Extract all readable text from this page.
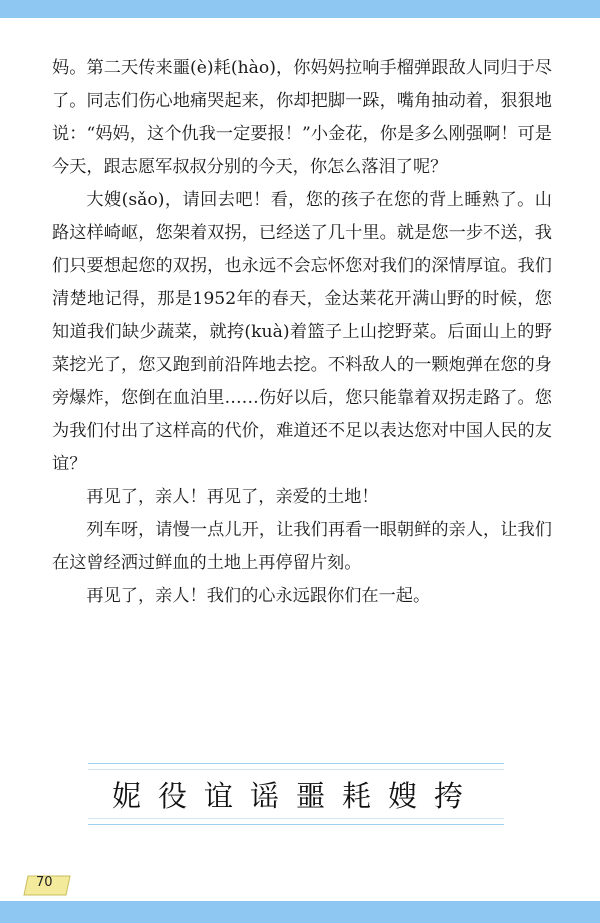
妈。第二天传来噩(è)耗(hào)，你妈妈拉响手榴弹跟敌人同归于尽了。同志们伤心地痛哭起来，你却把脚一跺，嘴角抽动着，狠狠地说：“妈妈，这个仇我一定要报！”小金花，你是多么刚强啊！可是今天，跟志愿军叔叔分别的今天，你怎么落泪了呢？

大嫂(sǎo)，请回去吧！看，您的孩子在您的背上睡熟了。山路这样崎岖，您架着双拐，已经送了几十里。就是您一步不送，我们只要想起您的双拐，也永远不会忘怀您对我们的深情厚谊。我们清楚地记得，那是1952年的春天，金达莱花开满山野的时候，您知道我们缺少蔬菜，就挎(kuà)着篮子上山挖野菜。后面山上的野菜挖光了，您又跑到前沿阵地去挖。不料敌人的一颗炮弹在您的身旁爆炸，您倒在血泊里……伤好以后，您只能靠着双拐走路了。您为我们付出了这样高的代价，难道还不足以表达您对中国人民的友谊？

再见了，亲人！再见了，亲爱的土地！

列车呀，请慢一点儿开，让我们再看一眼朝鲜的亲人，让我们在这曾经洒过鲜血的土地上再停留片刻。

再见了，亲人！我们的心永远跟你们在一起。

妮役谊谣噩耗嫂挎
70
